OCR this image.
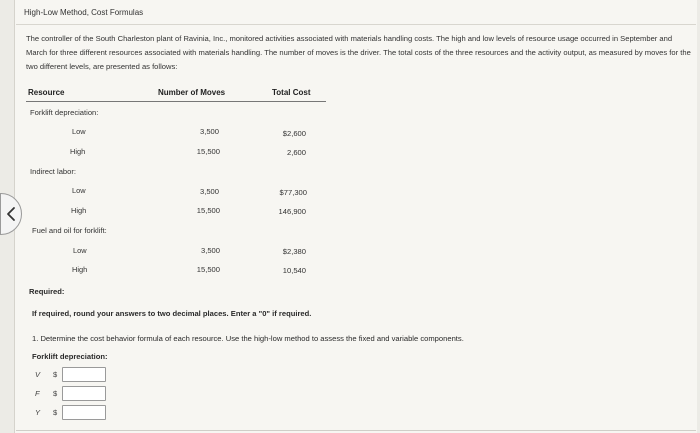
High-Low Method, Cost Formulas

The controller of the South Charleston plant of Ravinia, Inc., monitored activities associated with materials handling costs. The high and low levels of resource usage occurred in September and March for three different resources associated with materials handling. The number of moves is the driver. The total costs of the three resources and the activity output, as measured by moves for the two different levels, are presented as follows:

Resource	Number of Moves	Total Cost
Forklift depreciation:
Low	3,500	$2,600
High	15,500	2,600
Indirect labor:
Low	3,500	$77,300
High	15,500	146,900
Fuel and oil for forklift:
Low	3,500	$2,380
High	15,500	10,540
Required:
If required, round your answers to two decimal places. Enter a "0" if required.
1. Determine the cost behavior formula of each resource. Use the high-low method to assess the fixed and variable components.
Forklift depreciation:
V $
F $
Y $
